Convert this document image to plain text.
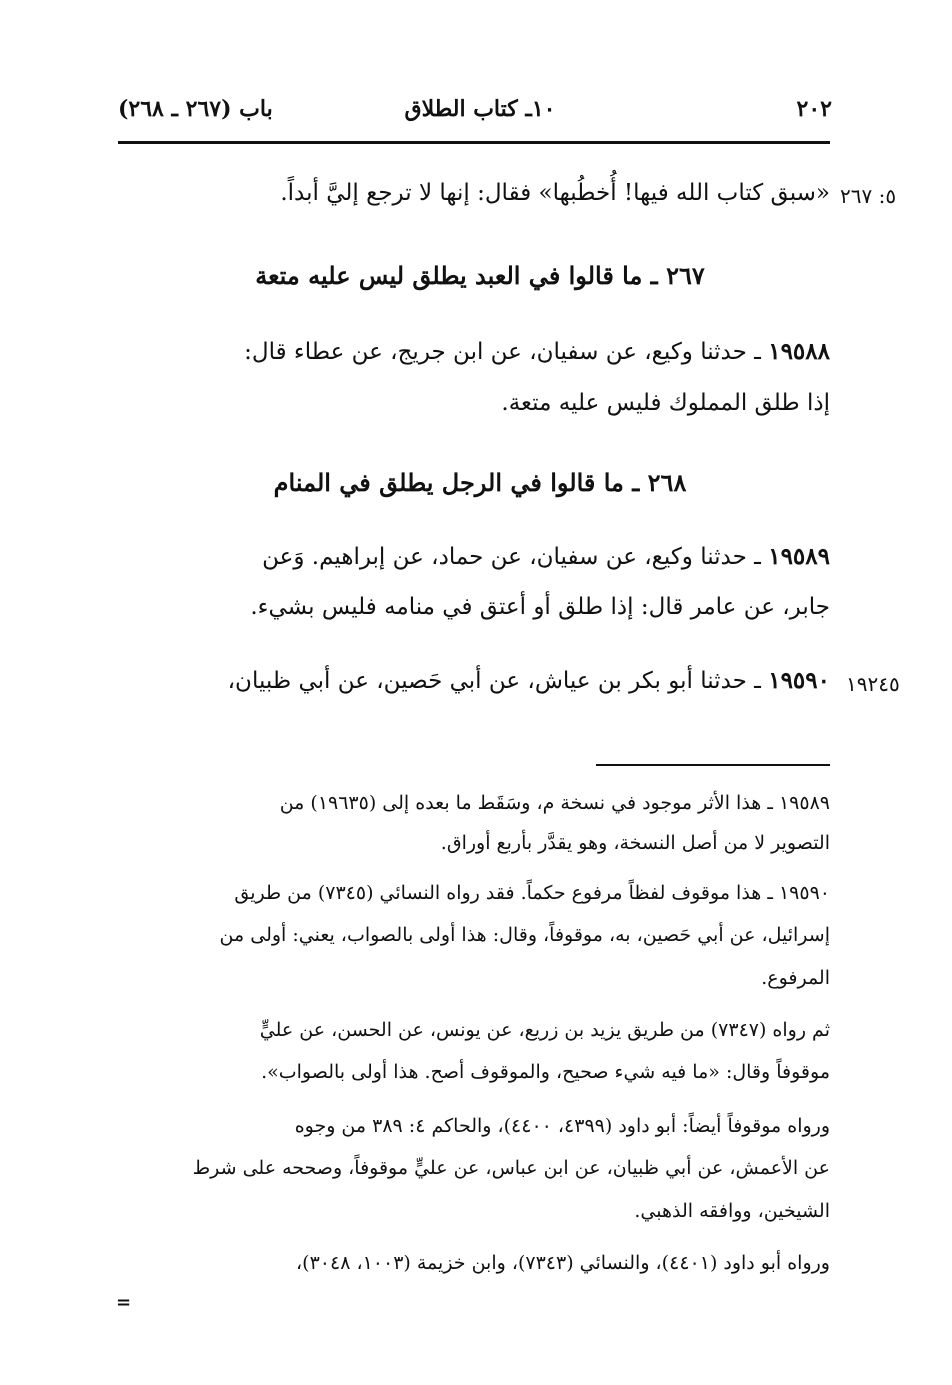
٢٠٢
١٠ـ كتاب الطلاق
باب (٢٦٧ ـ ٢٦٨)
٥: ٢٦٧
١٩٢٤٥
«سبق كتاب الله فيها! أُخطُبها» فقال: إنها لا ترجع إليَّ أبداً.
٢٦٧ ـ ما قالوا في العبد يطلق ليس عليه متعة
١٩٥٨٨ ـ حدثنا وكيع، عن سفيان، عن ابن جريج، عن عطاء قال:
إذا طلق المملوك فليس عليه متعة.
٢٦٨ ـ ما قالوا في الرجل يطلق في المنام
١٩٥٨٩ ـ حدثنا وكيع، عن سفيان، عن حماد، عن إبراهيم. وَعن
جابر، عن عامر قال: إذا طلق أو أعتق في منامه فليس بشيء.
١٩٥٩٠ ـ حدثنا أبو بكر بن عياش، عن أبي حَصين، عن أبي ظبيان،
١٩٥٨٩ ـ هذا الأثر موجود في نسخة م، وسَقَط ما بعده إلى (١٩٦٣٥) من
التصوير لا من أصل النسخة، وهو يقدَّر بأربع أوراق.
١٩٥٩٠ ـ هذا موقوف لفظاً مرفوع حكماً. فقد رواه النسائي (٧٣٤٥) من طريق
إسرائيل، عن أبي حَصين، به، موقوفاً، وقال: هذا أولى بالصواب، يعني: أولى من
المرفوع.
ثم رواه (٧٣٤٧) من طريق يزيد بن زريع، عن يونس، عن الحسن، عن عليٍّ
موقوفاً وقال: «ما فيه شيء صحيح، والموقوف أصح. هذا أولى بالصواب».
ورواه موقوفاً أيضاً: أبو داود (٤٣٩٩، ٤٤٠٠)، والحاكم ٤: ٣٨٩ من وجوه
عن الأعمش، عن أبي ظبيان، عن ابن عباس، عن عليٍّ موقوفاً، وصححه على شرط
الشيخين، ووافقه الذهبي.
ورواه أبو داود (٤٤٠١)، والنسائي (٧٣٤٣)، وابن خزيمة (١٠٠٣، ٣٠٤٨)،
=
